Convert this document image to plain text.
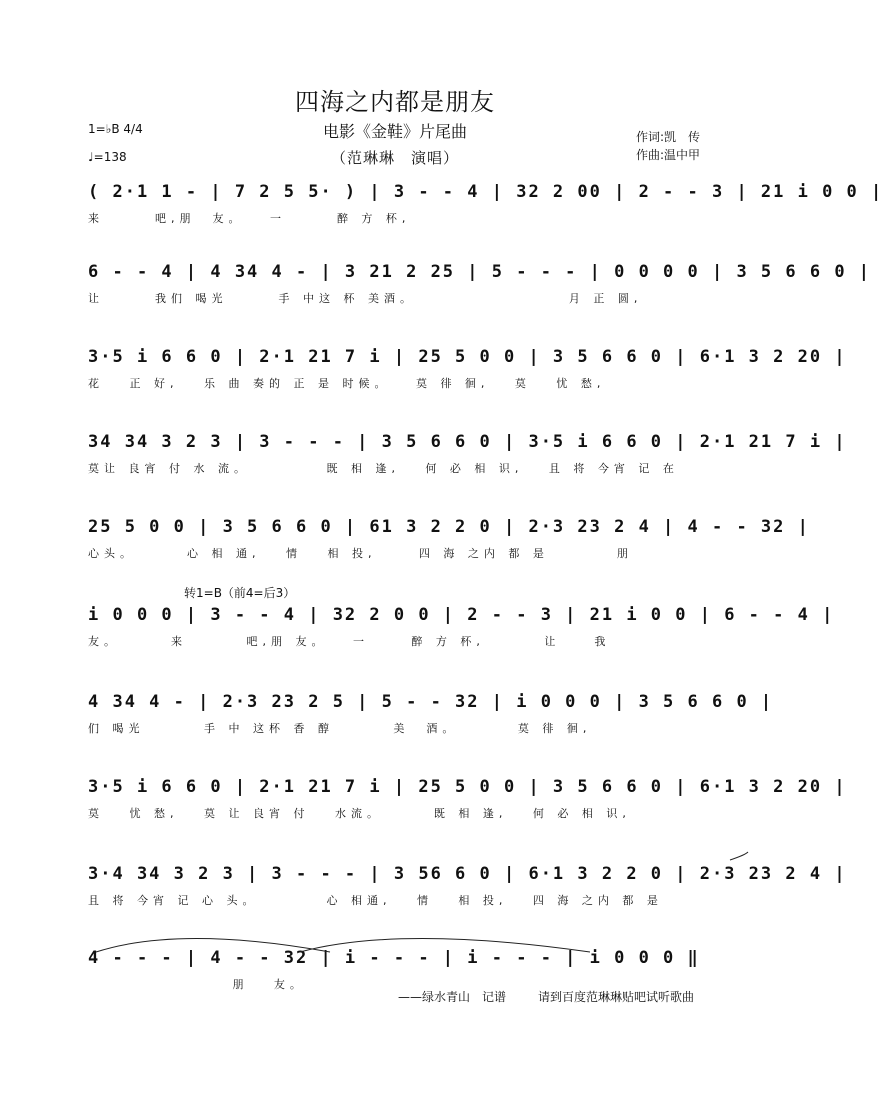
四海之内都是朋友
电影《金鞋》片尾曲
（范琳琳　演唱）
作词:凯　传
作曲:温中甲
1=♭B 4/4
♩=138
转1=B（前4=后3）
( 2·1 1 - | 7 2 5 5· ) | 3 - - 4 | 32 2 00 | 2 - - 3 | 21 i 0 0 |
来      吧,朋  友。   一      醉 方 杯,
6 - - 4 | 4 34 4 - | 3 21 2 25 | 5 - - - | 0 0 0 0 | 3 5 6 6 0 |
让      我们 喝光      手 中这 杯 美酒。                  月 正 圆,
3·5 i 6 6 0 | 2·1 21 7 i | 25 5 0 0 | 3 5 6 6 0 | 6·1 3 2 20 |
花   正 好,   乐 曲 奏的 正 是 时候。   莫 徘 徊,   莫   忧 愁,
34 34 3 2 3 | 3 - - - | 3 5 6 6 0 | 3·5 i 6 6 0 | 2·1 21 7 i |
莫让 良宵 付 水 流。         既 相 逢,   何 必 相 识,   且 将 今宵 记 在
25 5 0 0 | 3 5 6 6 0 | 61 3 2 2 0 | 2·3 23 2 4 | 4 - - 32 |
心头。      心 相 通,   情   相 投,     四 海 之内 都 是        朋
i 0 0 0 | 3 - - 4 | 32 2 0 0 | 2 - - 3 | 21 i 0 0 | 6 - - 4 |
友。      来       吧,朋 友。   一     醉 方 杯,       让    我
4 34 4 - | 2·3 23 2 5 | 5 - - 32 | i 0 0 0 | 3 5 6 6 0 |
们 喝光       手 中 这杯 香 醇       美  酒。       莫 徘 徊,
3·5 i 6 6 0 | 2·1 21 7 i | 25 5 0 0 | 3 5 6 6 0 | 6·1 3 2 20 |
莫   忧 愁,   莫 让 良宵 付   水流。      既 相 逢,   何 必 相 识,
3·4 34 3 2 3 | 3 - - - | 3 56 6 0 | 6·1 3 2 2 0 | 2·3 23 2 4 |
且 将 今宵 记 心 头。        心 相通,   情   相 投,   四 海 之内 都 是
4 - - - | 4 - - 32 | i - - - | i - - - | i 0 0 0 ‖
朋   友。
——绿水青山　记谱	请到百度范琳琳贴吧试听歌曲
